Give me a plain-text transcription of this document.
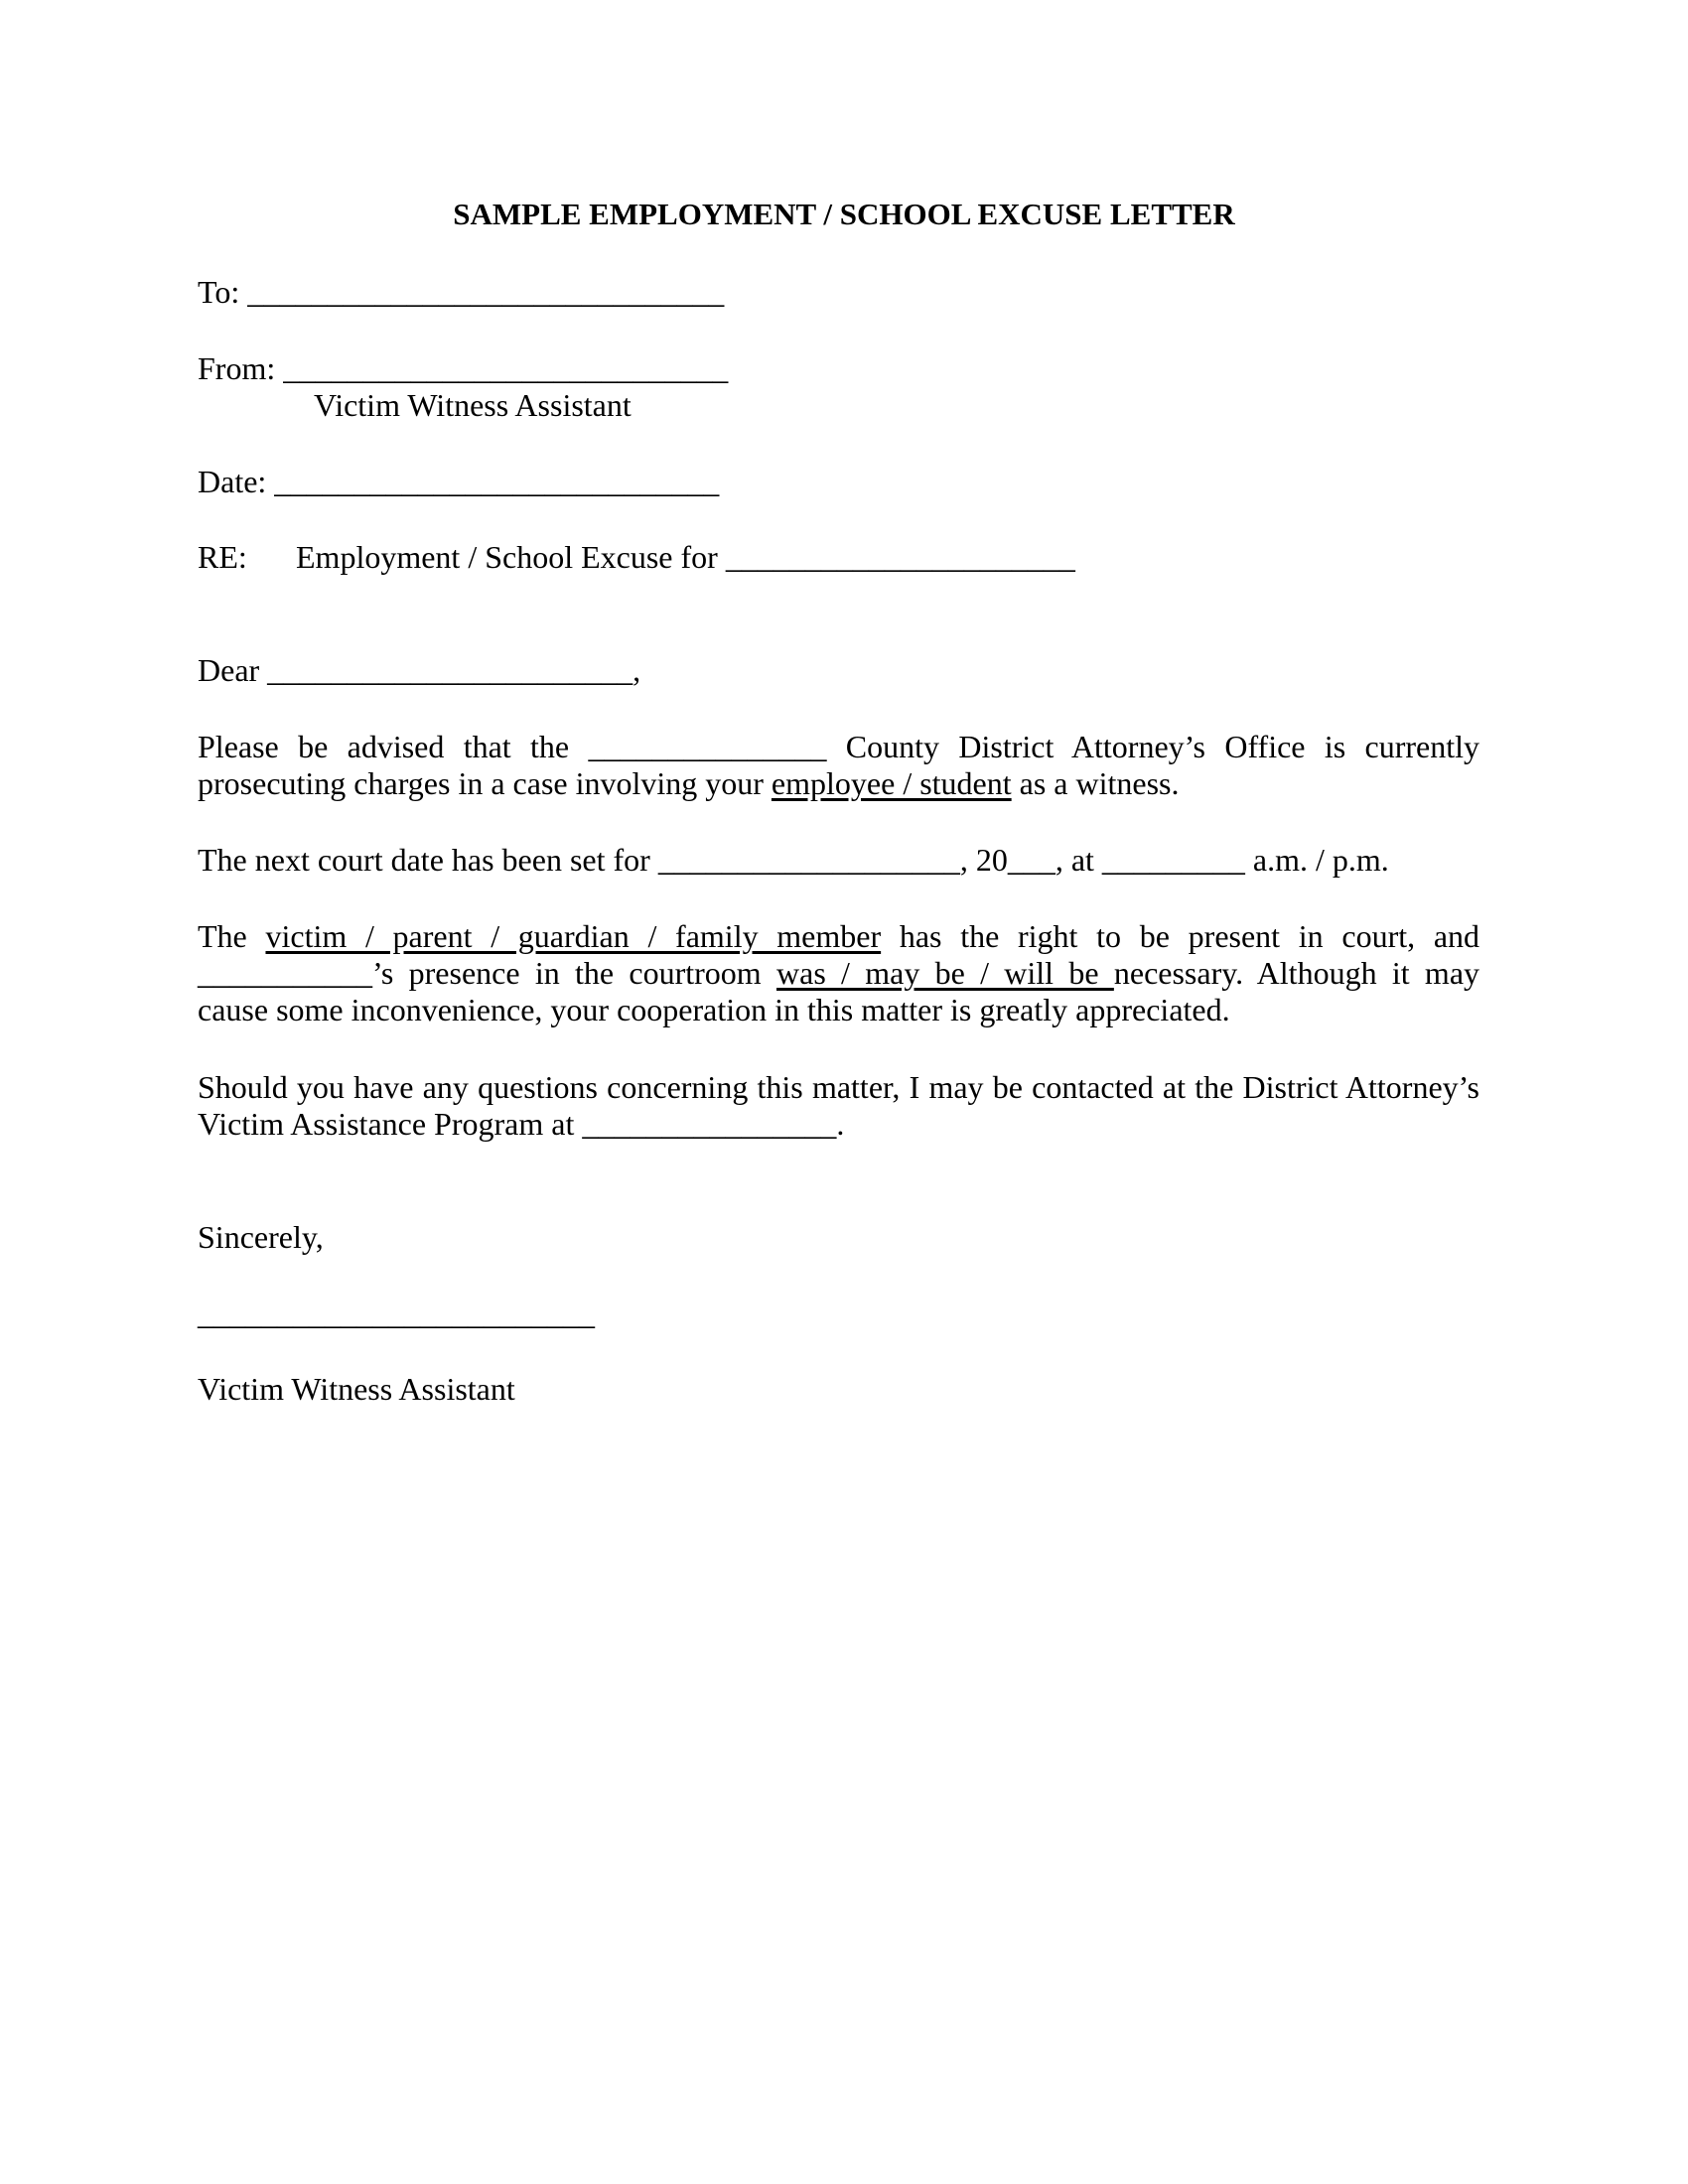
SAMPLE EMPLOYMENT / SCHOOL EXCUSE LETTER
To: ______________________________
From: ____________________________
Victim Witness Assistant
Date: ____________________________
RE: Employment / School Excuse for ______________________
Dear _______________________,
Please be advised that the _______________ County District Attorney’s Office is currently
prosecuting charges in a case involving your employee / student as a witness.
The next court date has been set for ___________________, 20___, at _________ a.m. / p.m.
The victim / parent / guardian / family member has the right to be present in court, and
___________’s presence in the courtroom was / may be / will be necessary. Although it may
cause some inconvenience, your cooperation in this matter is greatly appreciated.
Should you have any questions concerning this matter, I may be contacted at the District Attorney’s
Victim Assistance Program at ________________.
Sincerely,
_________________________
Victim Witness Assistant
